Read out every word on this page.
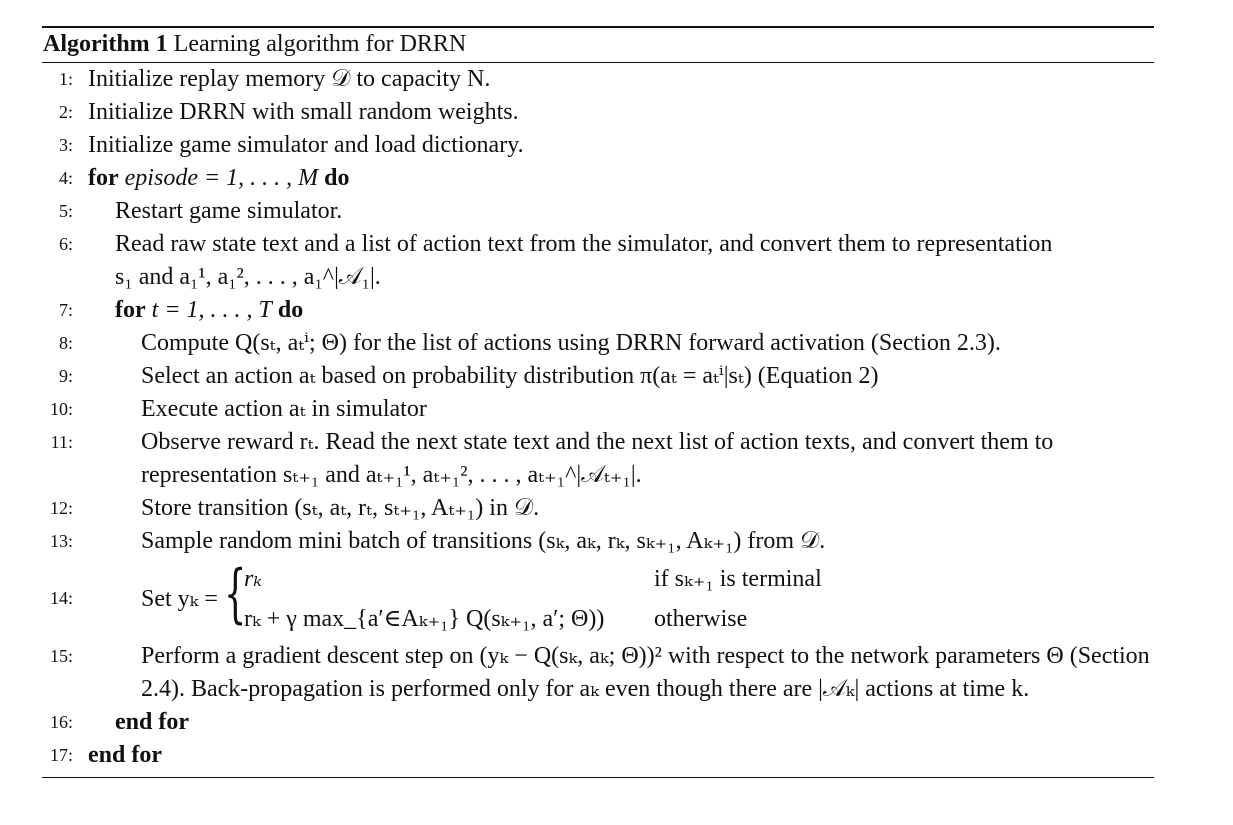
Algorithm 1 Learning algorithm for DRRN
1: Initialize replay memory 𝒟 to capacity N.
2: Initialize DRRN with small random weights.
3: Initialize game simulator and load dictionary.
4: for episode = 1, . . . , M do
5: Restart game simulator.
6: Read raw state text and a list of action text from the simulator, and convert them to representation
s₁ and a₁¹, a₁², . . . , a₁^|𝒜₁|.
7: for t = 1, . . . , T do
8:	Compute Q(sₜ, aₜⁱ; Θ) for the list of actions using DRRN forward activation (Section 2.3).
9:	Select an action aₜ based on probability distribution π(aₜ = aₜⁱ|sₜ) (Equation 2)
10:	Execute action aₜ in simulator
11:	Observe reward rₜ. Read the next state text and the next list of action texts, and convert them to
representation sₜ₊₁ and aₜ₊₁¹, aₜ₊₁², . . . , aₜ₊₁^|𝒜ₜ₊₁|.
12:	Store transition (sₜ, aₜ, rₜ, sₜ₊₁, Aₜ₊₁) in 𝒟.
13:	Sample random mini batch of transitions (sₖ, aₖ, rₖ, sₖ₊₁, Aₖ₊₁) from 𝒟.
14:	Set yₖ = {
rₖ	if sₖ₊₁ is terminal
rₖ + γ max_{a′∈Aₖ₊₁} Q(sₖ₊₁, a′; Θ))	otherwise
15:	Perform a gradient descent step on (yₖ − Q(sₖ, aₖ; Θ))² with respect to the network parameters Θ (Section 2.4). Back-propagation is performed only for aₖ even though there are |𝒜ₖ| actions at time k.
16: end for
17: end for
